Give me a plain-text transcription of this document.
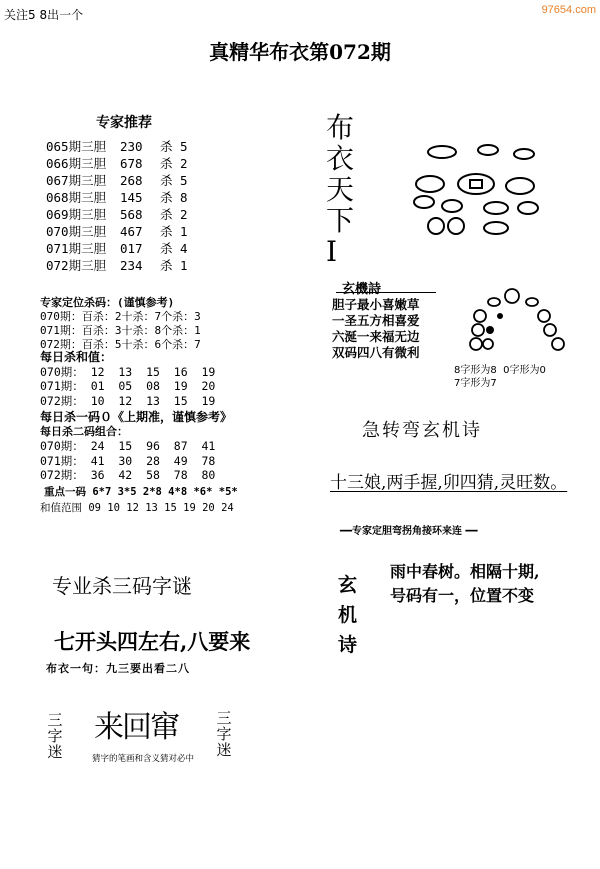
关注5 8出一个	97654.com
真精华布衣第072期
专家推荐
065期三胆 230 杀 5
066期三胆 678 杀 2
067期三胆 268 杀 5
068期三胆 145 杀 8
069期三胆 568 杀 2
070期三胆 467 杀 1
071期三胆 017 杀 4
072期三胆 234 杀 1
专家定位杀码：(谨慎参考)
070期：百杀：2十杀：7个杀：3
071期：百杀：3十杀：8个杀：1
072期：百杀：5十杀：6个杀：7
每日杀和值：
070期： 12  13  15  16  19
071期： 01  05  08  19  20
072期： 10  12  13  15  19
每日杀一码０《上期准，谨慎参考》
每日杀二码组合：
070期： 24  15  96  87  41
071期： 41  30  28  49  78
072期： 36  42  58  78  80
重点一码 6*7 3*5 2*8 4*8 *6* *5*
和值范围 09 10 12 13 15 19 20 24
专业杀三码字谜
七开头四左右,八要来
布衣一句：九三要出看二八
三字迷
来回窜
猜字的笔画和含义猜对必中
三字迷
布衣天下Ⅰ
玄機詩
胆子最小喜嫩草
一圣五方相喜爱
六涎一来福无边
双码四八有微利
8字形为8  0字形为0
7字形为7
急转弯玄机诗
十三娘,两手握,卯四猜,灵旺数。
━━专家定胆弯拐角接环来连 ━━
玄机诗
雨中春树。相隔十期,
号码有一，位置不变
